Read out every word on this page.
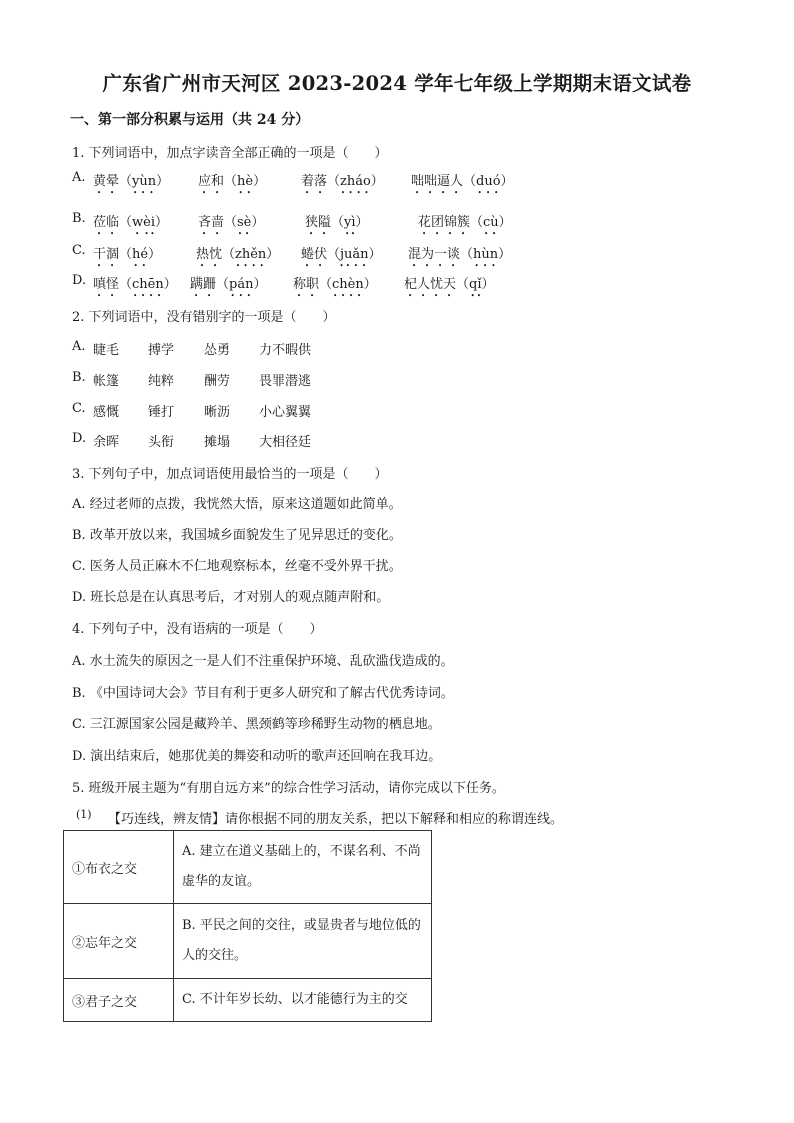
广东省广州市天河区 2023-2024 学年七年级上学期期末语文试卷
一、第一部分积累与运用（共 24 分）
1. 下列词语中，加点字读音全部正确的一项是（　　）
A. 黄晕（yùn） 应和（hè）	着落（zháo） 咄咄逼人（duó）
B. 莅临（wèi） 吝啬（sè）	狭隘（yì）	花团锦簇（cù）
C. 干涸（hé）	热忱（zhěn） 蜷伏（juǎn） 混为一谈（hùn）
D. 嗔怪（chēn） 蹒跚（pán） 称职（chèn） 杞人忧天（qǐ）
2. 下列词语中，没有错别字的一项是（　　）
A. 睫毛 搏学 怂勇 力不暇供
B. 帐篷 纯粹 酬劳 畏罪潜逃
C. 感慨 锤打 晰沥 小心翼翼
D. 余晖 头衔 摊塌 大相径廷
3. 下列句子中，加点词语使用最恰当的一项是（　　）
A. 经过老师的点拨，我恍然大悟，原来这道题如此简单。
B. 改革开放以来，我国城乡面貌发生了见异思迁的变化。
C. 医务人员正麻木不仁地观察标本，丝毫不受外界干扰。
D. 班长总是在认真思考后，才对别人的观点随声附和。
4. 下列句子中，没有语病的一项是（　　）
A. 水土流失的原因之一是人们不注重保护环境、乱砍滥伐造成的。
B. 《中国诗词大会》节目有利于更多人研究和了解古代优秀诗词。
C. 三江源国家公园是藏羚羊、黑颈鹤等珍稀野生动物的栖息地。
D. 演出结束后，她那优美的舞姿和动听的歌声还回响在我耳边。
5. 班级开展主题为“有朋自远方来”的综合性学习活动，请你完成以下任务。
(1) 【巧连线，辨友情】请你根据不同的朋友关系，把以下解释和相应的称谓连线。
①布衣之交	A. 建立在道义基础上的，不谋名利、不尚虚华的友谊。
②忘年之交	B. 平民之间的交往，或显贵者与地位低的人的交往。
③君子之交	C. 不计年岁长幼、以才能德行为主的交
